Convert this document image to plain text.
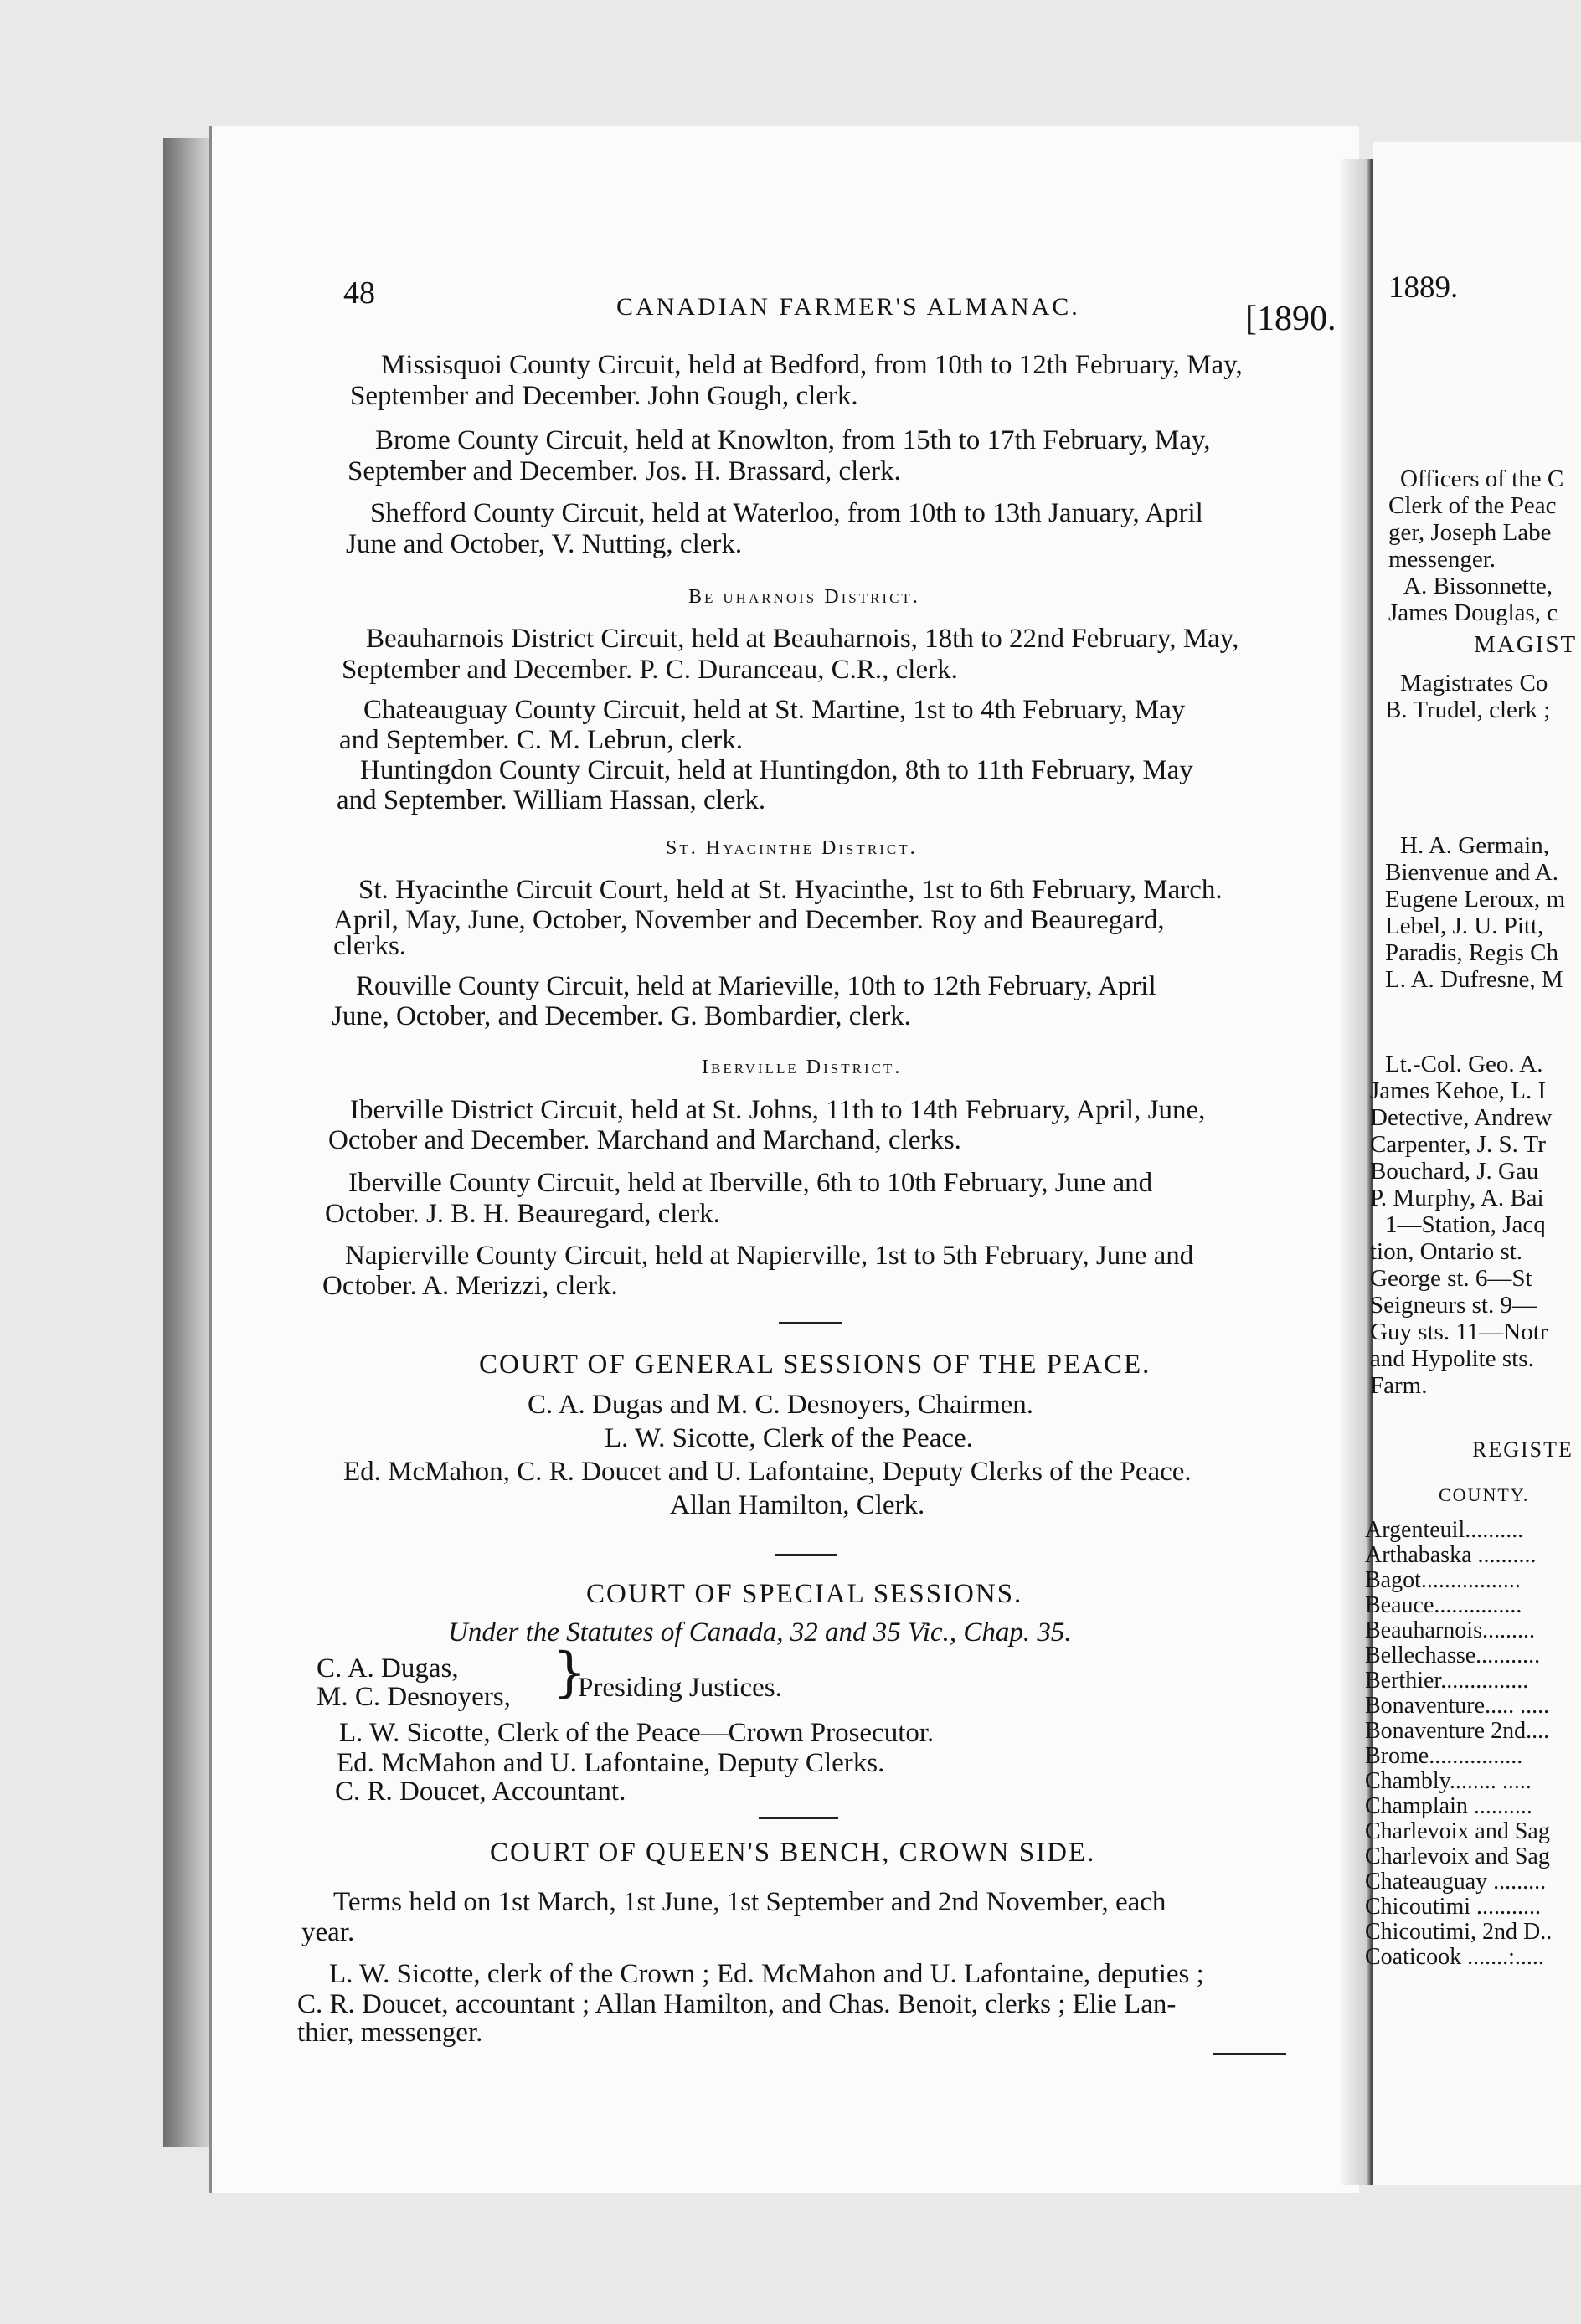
48	CANADIAN FARMER'S ALMANAC.	[1890.
Missisquoi County Circuit, held at Bedford, from 10th to 12th February, May,
September and December. John Gough, clerk.
Brome County Circuit, held at Knowlton, from 15th to 17th February, May,
September and December. Jos. H. Brassard, clerk.
Shefford County Circuit, held at Waterloo, from 10th to 13th January, April
June and October, V. Nutting, clerk.
Be uharnois District.
Beauharnois District Circuit, held at Beauharnois, 18th to 22nd February, May,
September and December. P. C. Duranceau, C.R., clerk.
Chateauguay County Circuit, held at St. Martine, 1st to 4th February, May
and September. C. M. Lebrun, clerk.
Huntingdon County Circuit, held at Huntingdon, 8th to 11th February, May
and September. William Hassan, clerk.
St. Hyacinthe District.
St. Hyacinthe Circuit Court, held at St. Hyacinthe, 1st to 6th February, March.
April, May, June, October, November and December. Roy and Beauregard,
clerks.
Rouville County Circuit, held at Marieville, 10th to 12th February, April
June, October, and December. G. Bombardier, clerk.
Iberville District.
Iberville District Circuit, held at St. Johns, 11th to 14th February, April, June,
October and December. Marchand and Marchand, clerks.
Iberville County Circuit, held at Iberville, 6th to 10th February, June and
October. J. B. H. Beauregard, clerk.
Napierville County Circuit, held at Napierville, 1st to 5th February, June and
October. A. Merizzi, clerk.
COURT OF GENERAL SESSIONS OF THE PEACE.
C. A. Dugas and M. C. Desnoyers, Chairmen.
L. W. Sicotte, Clerk of the Peace.
Ed. McMahon, C. R. Doucet and U. Lafontaine, Deputy Clerks of the Peace.
Allan Hamilton, Clerk.
COURT OF SPECIAL SESSIONS.
Under the Statutes of Canada, 32 and 35 Vic., Chap. 35.
C. A. Dugas,
M. C. Desnoyers, }
Presiding Justices.
L. W. Sicotte, Clerk of the Peace—Crown Prosecutor.
Ed. McMahon and U. Lafontaine, Deputy Clerks.
C. R. Doucet, Accountant.
COURT OF QUEEN'S BENCH, CROWN SIDE.
Terms held on 1st March, 1st June, 1st September and 2nd November, each
year.
L. W. Sicotte, clerk of the Crown ; Ed. McMahon and U. Lafontaine, deputies ;
C. R. Doucet, accountant ; Allan Hamilton, and Chas. Benoit, clerks ; Elie Lan-
thier, messenger.
1889.
Officers of the C
Clerk of the Peac
ger, Joseph Labe
messenger.
A. Bissonnette,
James Douglas, c
MAGIST
Magistrates Co
B. Trudel, clerk ;
H. A. Germain,
Bienvenue and A.
Eugene Leroux, m
Lebel, J. U. Pitt,
Paradis, Regis Ch
L. A. Dufresne, M
Lt.-Col. Geo. A.
James Kehoe, L. I
Detective, Andrew
Carpenter, J. S. Tr
Bouchard, J. Gau
P. Murphy, A. Bai
1—Station, Jacq
tion, Ontario st.
George st. 6—St
Seigneurs st. 9—
Guy sts. 11—Notr
and Hypolite sts.
Farm.
REGISTE
COUNTY.
Argenteuil..........
Arthabaska ..........
Bagot.................
Beauce...............
Beauharnois.........
Bellechasse...........
Berthier...............
Bonaventure..... .....
Bonaventure 2nd....
Brome................
Chambly........ .....
Champlain ..........
Charlevoix and Sag
Charlevoix and Sag
Chateauguay .........
Chicoutimi ...........
Chicoutimi, 2nd D..
Coaticook .......:.....
